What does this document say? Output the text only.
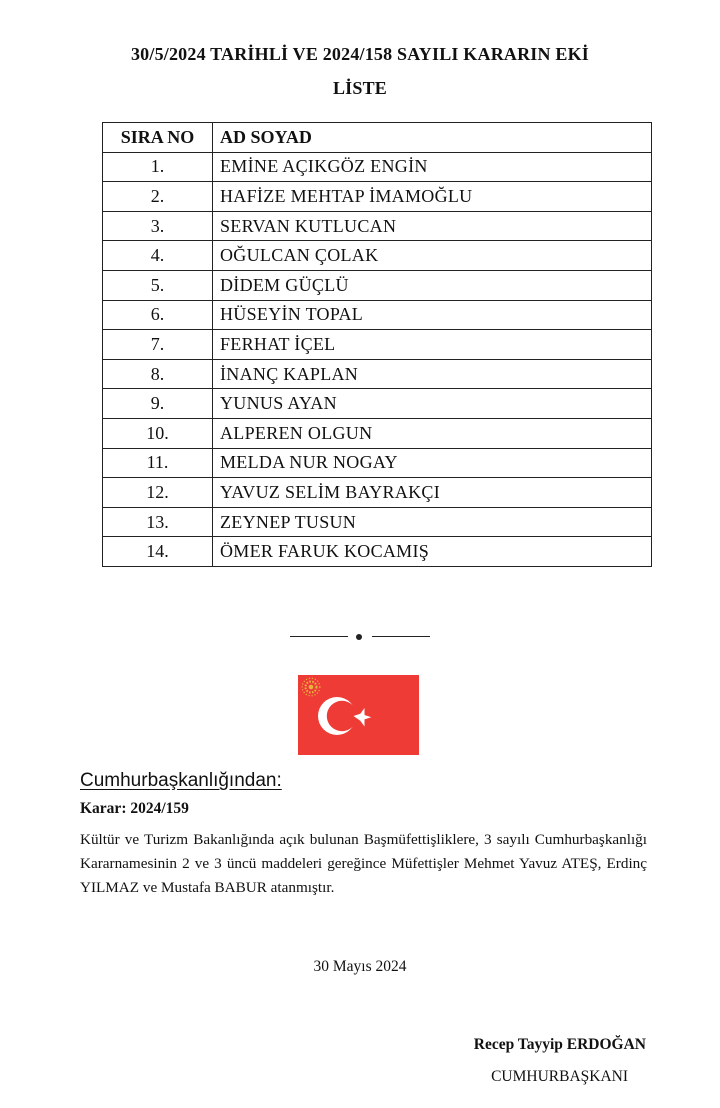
30/5/2024 TARİHLİ VE 2024/158 SAYILI KARARIN EKİ
LİSTE
SIRA NO	AD SOYAD
1.	EMİNE AÇIKGÖZ ENGİN
2.	HAFİZE MEHTAP İMAMOĞLU
3.	SERVAN KUTLUCAN
4.	OĞULCAN ÇOLAK
5.	DİDEM GÜÇLÜ
6.	HÜSEYİN TOPAL
7.	FERHAT İÇEL
8.	İNANÇ KAPLAN
9.	YUNUS AYAN
10.	ALPEREN OLGUN
11.	MELDA NUR NOGAY
12.	YAVUZ SELİM BAYRAKÇI
13.	ZEYNEP TUSUN
14.	ÖMER FARUK KOCAMIŞ
Cumhurbaşkanlığından:
Karar: 2024/159
Kültür ve Turizm Bakanlığında açık bulunan Başmüfettişliklere, 3 sayılı Cumhurbaşkanlığı Kararnamesinin 2 ve 3 üncü maddeleri gereğince Müfettişler Mehmet Yavuz ATEŞ, Erdinç YILMAZ ve Mustafa BABUR atanmıştır.
30 Mayıs 2024
Recep Tayyip ERDOĞAN
CUMHURBAŞKANI
